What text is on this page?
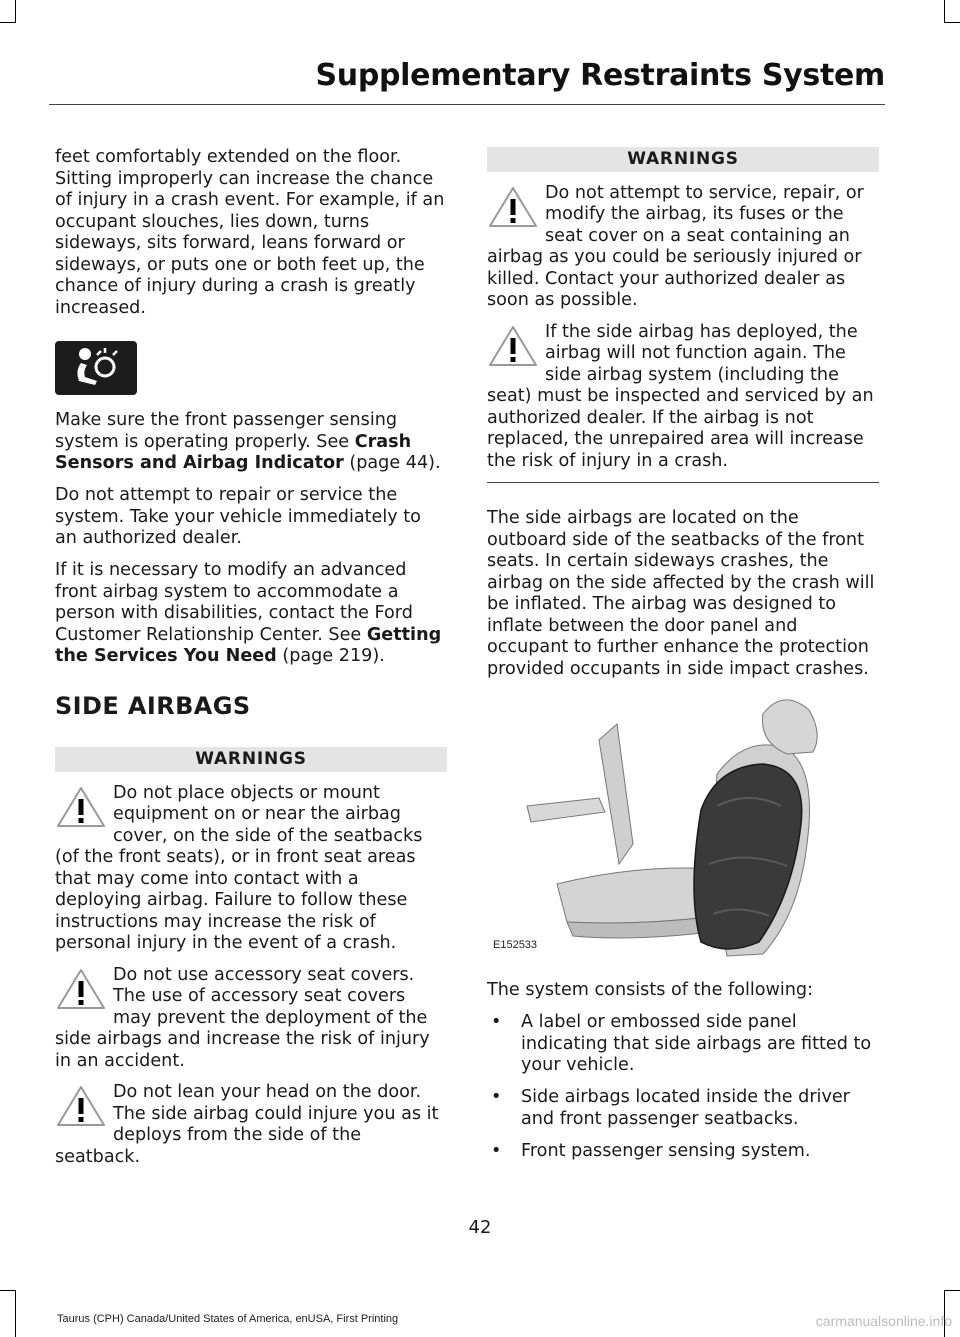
Supplementary Restraints System

feet comfortably extended on the floor. Sitting improperly can increase the chance of injury in a crash event. For example, if an occupant slouches, lies down, turns sideways, sits forward, leans forward or sideways, or puts one or both feet up, the chance of injury during a crash is greatly increased.

Make sure the front passenger sensing system is operating properly. See Crash Sensors and Airbag Indicator (page 44).

Do not attempt to repair or service the system. Take your vehicle immediately to an authorized dealer.

If it is necessary to modify an advanced front airbag system to accommodate a person with disabilities, contact the Ford Customer Relationship Center. See Getting the Services You Need (page 219).

SIDE AIRBAGS
WARNINGS

Do not place objects or mount equipment on or near the airbag cover, on the side of the seatbacks (of the front seats), or in front seat areas that may come into contact with a deploying airbag. Failure to follow these instructions may increase the risk of personal injury in the event of a crash.

Do not use accessory seat covers. The use of accessory seat covers may prevent the deployment of the side airbags and increase the risk of injury in an accident.

Do not lean your head on the door. The side airbag could injure you as it deploys from the side of the seatback.

WARNINGS

Do not attempt to service, repair, or modify the airbag, its fuses or the seat cover on a seat containing an airbag as you could be seriously injured or killed. Contact your authorized dealer as soon as possible.

If the side airbag has deployed, the airbag will not function again. The side airbag system (including the seat) must be inspected and serviced by an authorized dealer. If the airbag is not replaced, the unrepaired area will increase the risk of injury in a crash.

The side airbags are located on the outboard side of the seatbacks of the front seats. In certain sideways crashes, the airbag on the side affected by the crash will be inflated. The airbag was designed to inflate between the door panel and occupant to further enhance the protection provided occupants in side impact crashes.

E152533

The system consists of the following:

• A label or embossed side panel indicating that side airbags are fitted to your vehicle.
• Side airbags located inside the driver and front passenger seatbacks.
• Front passenger sensing system.
42
Taurus (CPH) Canada/United States of America, enUSA, First Printing	carmanualsonline.info
